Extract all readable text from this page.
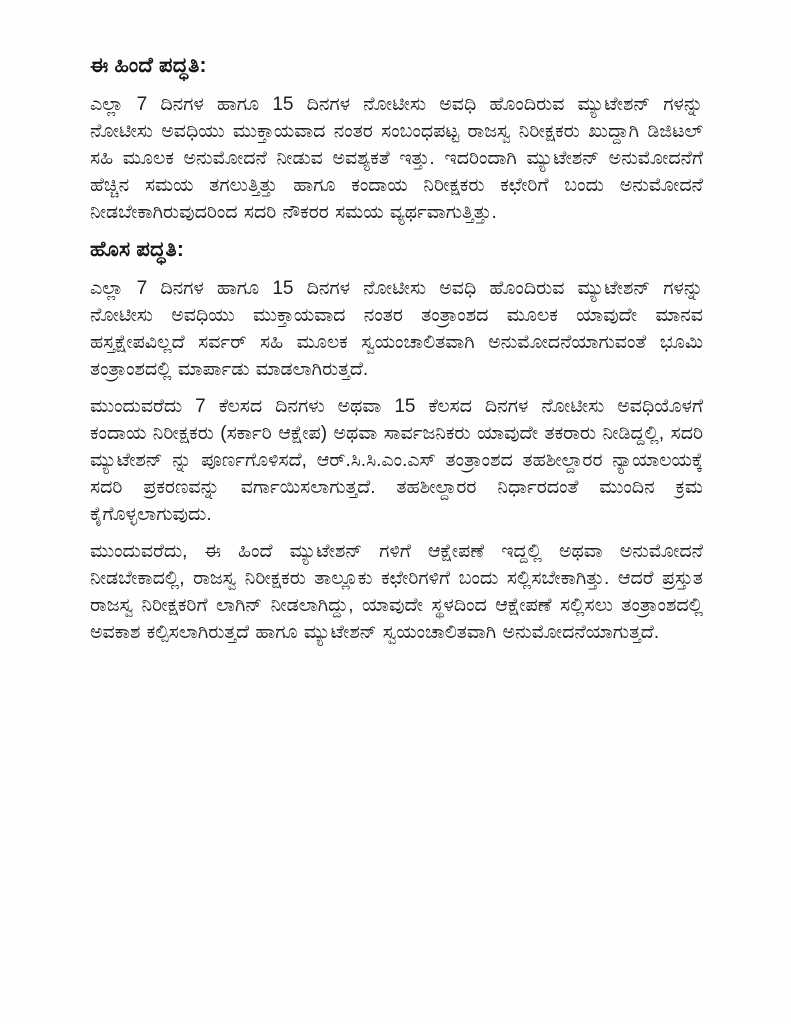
ಈ ಹಿಂದೆ ಪದ್ಧತಿ:

ಎಲ್ಲಾ 7 ದಿನಗಳ ಹಾಗೂ 15 ದಿನಗಳ ನೋಟೀಸು ಅವಧಿ ಹೊಂದಿರುವ ಮ್ಯುಟೇಶನ್ ಗಳನ್ನು ನೋಟೀಸು ಅವಧಿಯು ಮುಕ್ತಾಯವಾದ ನಂತರ ಸಂಬಂಧಪಟ್ಟ ರಾಜಸ್ವ ನಿರೀಕ್ಷಕರು ಖುದ್ದಾಗಿ ಡಿಜಿಟಲ್ ಸಹಿ ಮೂಲಕ ಅನುಮೋದನೆ ನೀಡುವ ಅವಶ್ಯಕತೆ ಇತ್ತು. ಇದರಿಂದಾಗಿ ಮ್ಯುಟೇಶನ್ ಅನುಮೋದನೆಗೆ ಹೆಚ್ಚಿನ ಸಮಯ ತಗಲುತ್ತಿತ್ತು ಹಾಗೂ ಕಂದಾಯ ನಿರೀಕ್ಷಕರು ಕಛೇರಿಗೆ ಬಂದು ಅನುಮೋದನೆ ನೀಡಬೇಕಾಗಿರುವುದರಿಂದ ಸದರಿ ನೌಕರರ ಸಮಯ ವ್ಯರ್ಥವಾಗುತ್ತಿತ್ತು.

ಹೊಸ ಪದ್ಧತಿ:

ಎಲ್ಲಾ 7 ದಿನಗಳ ಹಾಗೂ 15 ದಿನಗಳ ನೋಟೀಸು ಅವಧಿ ಹೊಂದಿರುವ ಮ್ಯುಟೇಶನ್ ಗಳನ್ನು ನೋಟೀಸು ಅವಧಿಯು ಮುಕ್ತಾಯವಾದ ನಂತರ ತಂತ್ರಾಂಶದ ಮೂಲಕ ಯಾವುದೇ ಮಾನವ ಹಸ್ತಕ್ಷೇಪವಿಲ್ಲದೆ ಸರ್ವರ್ ಸಹಿ ಮೂಲಕ ಸ್ವಯಂಚಾಲಿತವಾಗಿ ಅನುಮೋದನೆಯಾಗುವಂತೆ ಭೂಮಿ ತಂತ್ರಾಂಶದಲ್ಲಿ ಮಾರ್ಪಾಡು ಮಾಡಲಾಗಿರುತ್ತದೆ.

ಮುಂದುವರೆದು 7 ಕೆಲಸದ ದಿನಗಳು ಅಥವಾ 15 ಕೆಲಸದ ದಿನಗಳ ನೋಟೀಸು ಅವಧಿಯೊಳಗೆ ಕಂದಾಯ ನಿರೀಕ್ಷಕರು (ಸರ್ಕಾರಿ ಆಕ್ಷೇಪ) ಅಥವಾ ಸಾರ್ವಜನಿಕರು ಯಾವುದೇ ತಕರಾರು ನೀಡಿದ್ದಲ್ಲಿ, ಸದರಿ ಮ್ಯುಟೇಶನ್ ನ್ನು ಪೂರ್ಣಗೊಳಿಸದೆ, ಆರ್.ಸಿ.ಸಿ.ಎಂ.ಎಸ್ ತಂತ್ರಾಂಶದ ತಹಶೀಲ್ದಾರರ ನ್ಯಾಯಾಲಯಕ್ಕೆ ಸದರಿ ಪ್ರಕರಣವನ್ನು ವರ್ಗಾಯಿಸಲಾಗುತ್ತದೆ. ತಹಶೀಲ್ದಾರರ ನಿರ್ಧಾರದಂತೆ ಮುಂದಿನ ಕ್ರಮ ಕೈಗೊಳ್ಳಲಾಗುವುದು.

ಮುಂದುವರೆದು, ಈ ಹಿಂದೆ ಮ್ಯುಟೇಶನ್ ಗಳಿಗೆ ಆಕ್ಷೇಪಣೆ ಇದ್ದಲ್ಲಿ ಅಥವಾ ಅನುಮೋದನೆ ನೀಡಬೇಕಾದಲ್ಲಿ, ರಾಜಸ್ವ ನಿರೀಕ್ಷಕರು ತಾಲ್ಲೂಕು ಕಛೇರಿಗಳಿಗೆ ಬಂದು ಸಲ್ಲಿಸಬೇಕಾಗಿತ್ತು. ಆದರೆ ಪ್ರಸ್ತುತ ರಾಜಸ್ವ ನಿರೀಕ್ಷಕರಿಗೆ ಲಾಗಿನ್ ನೀಡಲಾಗಿದ್ದು, ಯಾವುದೇ ಸ್ಥಳದಿಂದ ಆಕ್ಷೇಪಣೆ ಸಲ್ಲಿಸಲು ತಂತ್ರಾಂಶದಲ್ಲಿ ಅವಕಾಶ ಕಲ್ಪಿಸಲಾಗಿರುತ್ತದೆ ಹಾಗೂ ಮ್ಯುಟೇಶನ್ ಸ್ವಯಂಚಾಲಿತವಾಗಿ ಅನುಮೋದನೆಯಾಗುತ್ತದೆ.
